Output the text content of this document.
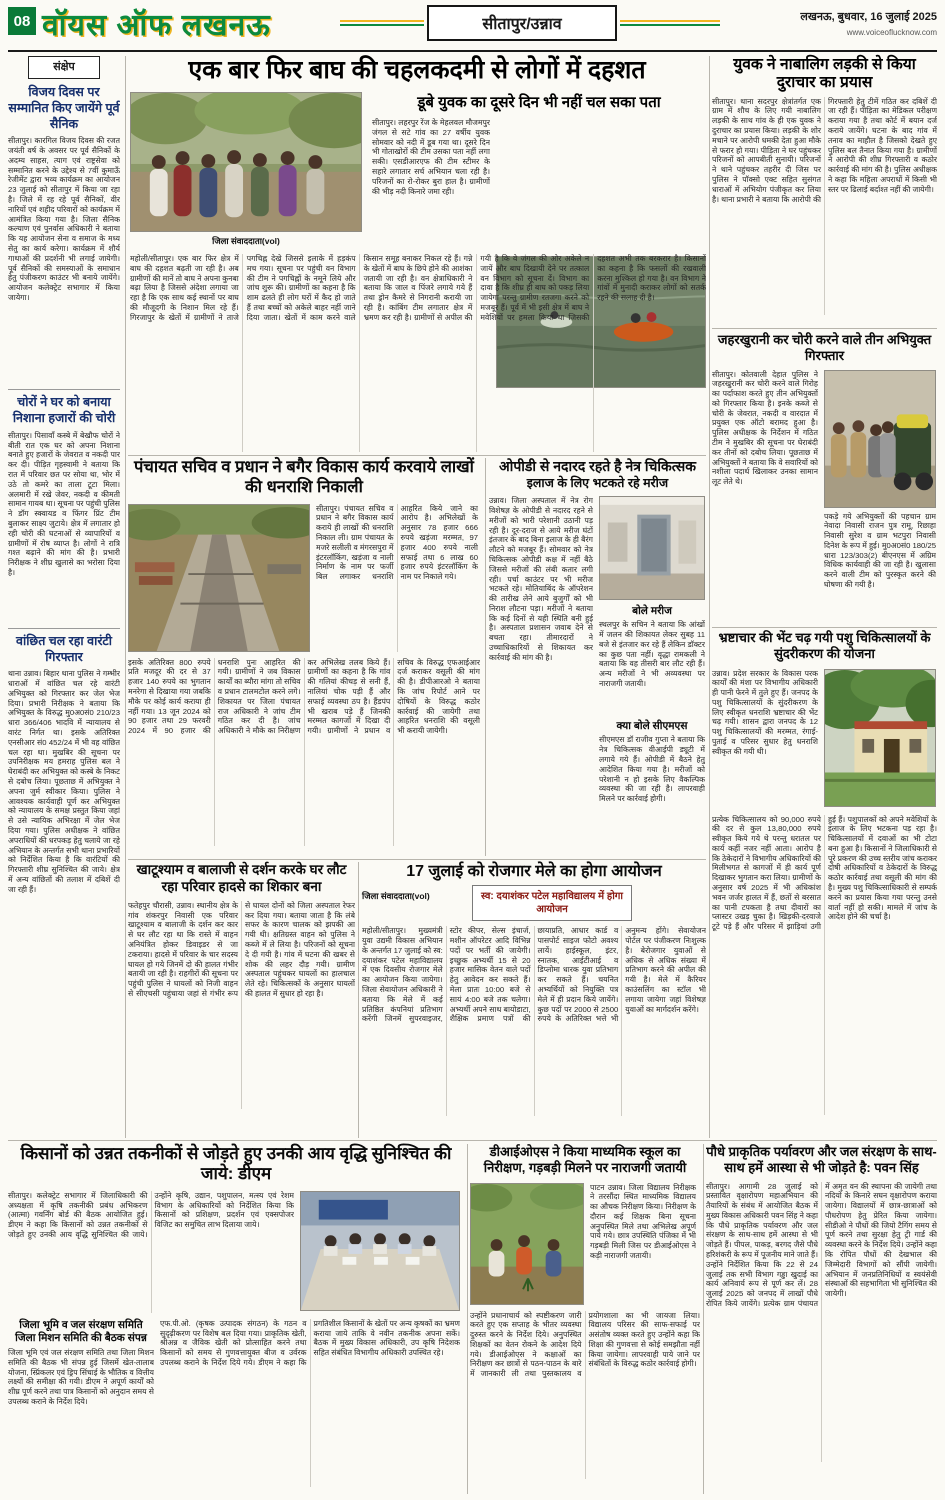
08 वॉयस ऑफ लखनऊ	सीतापुर/उन्नाव	लखनऊ, बुधवार, 16 जुलाई 2025
www.voiceoflucknow.com
संक्षेप
विजय दिवस पर सम्मानित किए जायेंगे पूर्व सैनिक
सीतापुर। कारगिल विजय दिवस की रजत जयंती वर्ष के अवसर पर पूर्व सैनिकों के अदम्य साहस, त्याग एवं राष्ट्रसेवा को सम्मानित करने के उद्देश्य से 7वीं कुमाऊँ रेजीमेंट द्वारा भव्य कार्यक्रम का आयोजन 23 जुलाई को सीतापुर में किया जा रहा है। जिले में रह रहे पूर्व सैनिकों, वीर नारियों एवं शहीद परिवारों को कार्यक्रम में आमंत्रित किया गया है। जिला सैनिक कल्याण एवं पुनर्वास अधिकारी ने बताया कि यह आयोजन सेना व समाज के मध्य सेतु का कार्य करेगा। कार्यक्रम में शौर्य गाथाओं की प्रदर्शनी भी लगाई जायेगी। पूर्व सैनिकों की समस्याओं के समाधान हेतु पंजीकरण काउंटर भी बनाये जायेंगे। आयोजन कलेक्ट्रेट सभागार में किया जायेगा।
चोरों ने घर को बनाया निशाना हजारों की चोरी
सीतापुर। पिसावाँ कस्बे में बेखौफ चोरों ने बीती रात एक घर को अपना निशाना बनाते हुए हजारों के जेवरात व नकदी पार कर दी। पीड़ित गृहस्वामी ने बताया कि रात में परिवार छत पर सोया था, भोर में उठे तो कमरे का ताला टूटा मिला। अलमारी में रखे जेवर, नकदी व कीमती सामान गायब था। सूचना पर पहुंची पुलिस ने डॉग स्क्वायड व फिंगर प्रिंट टीम बुलाकर साक्ष्य जुटाये। क्षेत्र में लगातार हो रही चोरी की घटनाओं से व्यापारियों व ग्रामीणों में रोष व्याप्त है। लोगों ने रात्रि गश्त बढ़ाने की मांग की है। प्रभारी निरीक्षक ने शीघ्र खुलासे का भरोसा दिया है।
वांछित चल रहा वारंटी गिरफ्तार
थाना उन्नाव। बिहार थाना पुलिस ने गम्भीर धाराओं में वांछित चल रहे वारंटी अभियुक्त को गिरफ्तार कर जेल भेज दिया। प्रभारी निरीक्षक ने बताया कि अभियुक्त के विरुद्ध मु0अ0सं0 210/23 धारा 366/406 भादवि में न्यायालय से वारंट निर्गत था। इसके अतिरिक्त एनसीआर सं0 452/24 में भी वह वांछित चल रहा था। मुखबिर की सूचना पर उपनिरीक्षक मय हमराह पुलिस बल ने घेराबंदी कर अभियुक्त को कस्बे के निकट से दबोच लिया। पूछताछ में अभियुक्त ने अपना जुर्म स्वीकार किया। पुलिस ने आवश्यक कार्यवाही पूर्ण कर अभियुक्त को न्यायालय के समक्ष प्रस्तुत किया जहां से उसे न्यायिक अभिरक्षा में जेल भेज दिया गया। पुलिस अधीक्षक ने वांछित अपराधियों की धरपकड़ हेतु चलाये जा रहे अभियान के अन्तर्गत सभी थाना प्रभारियों को निर्देशित किया है कि वारंटियों की गिरफ्तारी शीघ्र सुनिश्चित की जाये। क्षेत्र में अन्य वांछितों की तलाश में दबिशें दी जा रही हैं।
एक बार फिर बाघ की चहलकदमी से लोगों में दहशत
जिला संवाददाता(vol)
डूबे युवक का दूसरे दिन भी नहीं चल सका पता
सीतापुर। लहरपुर रेंज के मेहलवल मौजमपुर जंगल से सटे गांव का 27 वर्षीय युवक सोमवार को नदी में डूब गया था। दूसरे दिन भी गोताखोरों की टीम उसका पता नहीं लगा सकी। एसडीआरएफ की टीम स्टीमर के सहारे लगातार सर्च अभियान चला रही है। परिजनों का रो-रोकर बुरा हाल है। ग्रामीणों की भीड़ नदी किनारे जमा रही।
महोली/सीतापुर। एक बार फिर क्षेत्र में बाघ की दहशत बढ़ती जा रही है। अब ग्रामीणों की मानें तो बाघ ने अपना कुनबा बढ़ा लिया है जिससे अंदेशा लगाया जा रहा है कि एक साथ कई स्थानों पर बाघ की मौजूदगी के निशान मिल रहे हैं। गिरजापुर के खेतों में ग्रामीणों ने ताजे पगचिह्न देखे जिससे इलाके में हड़कंप मच गया। सूचना पर पहुंची वन विभाग की टीम ने पगचिह्नों के नमूने लिये और जांच शुरू की। ग्रामीणों का कहना है कि शाम ढलते ही लोग घरों में कैद हो जाते हैं तथा बच्चों को अकेले बाहर नहीं जाने दिया जाता। खेतों में काम करने वाले किसान समूह बनाकर निकल रहे हैं। गन्ने के खेतों में बाघ के छिपे होने की आशंका जतायी जा रही है। वन क्षेत्राधिकारी ने बताया कि जाल व पिंजरे लगाये गये हैं तथा ड्रोन कैमरे से निगरानी करायी जा रही है। कांबिंग टीम लगातार क्षेत्र में भ्रमण कर रही है। ग्रामीणों से अपील की गयी है कि वे जंगल की ओर अकेले न जायें और बाघ दिखायी देने पर तत्काल वन विभाग को सूचना दें। विभाग का दावा है कि शीघ्र ही बाघ को पकड़ लिया जायेगा परन्तु ग्रामीण रतजगा करने को मजबूर हैं। पूर्व में भी इसी क्षेत्र में बाघ ने मवेशियों पर हमला किया था जिसकी दहशत अभी तक बरकरार है। किसानों का कहना है कि फसलों की रखवाली करना मुश्किल हो गया है। वन विभाग ने गांवों में मुनादी कराकर लोगों को सतर्क रहने की सलाह दी है।
युवक ने नाबालिग लड़की से किया दुराचार का प्रयास
सीतापुर। थाना सदरपुर क्षेत्रांतर्गत एक ग्राम में शौच के लिए गयी नाबालिग लड़की के साथ गांव के ही एक युवक ने दुराचार का प्रयास किया। लड़की के शोर मचाने पर आरोपी धमकी देता हुआ मौके से फरार हो गया। पीड़िता ने घर पहुंचकर परिजनों को आपबीती सुनायी। परिजनों ने थाने पहुंचकर तहरीर दी जिस पर पुलिस ने पॉक्सो एक्ट सहित सुसंगत धाराओं में अभियोग पंजीकृत कर लिया है। थाना प्रभारी ने बताया कि आरोपी की गिरफ्तारी हेतु टीमें गठित कर दबिशें दी जा रही हैं। पीड़िता का मेडिकल परीक्षण कराया गया है तथा कोर्ट में बयान दर्ज कराये जायेंगे। घटना के बाद गांव में तनाव का माहौल है जिसको देखते हुए पुलिस बल तैनात किया गया है। ग्रामीणों ने आरोपी की शीघ्र गिरफ्तारी व कठोर कार्रवाई की मांग की है। पुलिस अधीक्षक ने कहा कि महिला अपराधों में किसी भी स्तर पर ढिलाई बर्दाश्त नहीं की जायेगी।
जहरखुरानी कर चोरी करने वाले तीन अभियुक्त गिरफ्तार
सीतापुर। कोतवाली देहात पुलिस ने जहरखुरानी कर चोरी करने वाले गिरोह का पर्दाफाश करते हुए तीन अभियुक्तों को गिरफ्तार किया है। इनके कब्जे से चोरी के जेवरात, नकदी व वारदात में प्रयुक्त एक ऑटो बरामद हुआ है। पुलिस अधीक्षक के निर्देशन में गठित टीम ने मुखबिर की सूचना पर घेराबंदी कर तीनों को दबोच लिया। पूछताछ में अभियुक्तों ने बताया कि वे सवारियों को नशीला पदार्थ खिलाकर उनका सामान लूट लेते थे।
पकड़े गये अभियुक्तों की पहचान ग्राम नेवादा निवासी राजन पुत्र रामू, रिछाहा निवासी सुरेश व ग्राम भटपुरा निवासी दिनेश के रूप में हुई। मु0अ0सं0 180/25 धारा 123/303(2) बीएनएस में अग्रिम विधिक कार्यवाही की जा रही है। खुलासा करने वाली टीम को पुरस्कृत करने की घोषणा की गयी है।
भ्रष्टाचार की भेंट चढ़ गयी पशु चिकित्सालयों के सुंदरीकरण की योजना
उन्नाव। प्रदेश सरकार के विकास परक कार्यों की मंशा पर विभागीय अधिकारी ही पानी फेरने में तुले हुए हैं। जनपद के पशु चिकित्सालयों के सुंदरीकरण के लिए स्वीकृत धनराशि भ्रष्टाचार की भेंट चढ़ गयी। शासन द्वारा जनपद के 12 पशु चिकित्सालयों की मरम्मत, रंगाई-पुताई व परिसर सुधार हेतु धनराशि स्वीकृत की गयी थी।
प्रत्येक चिकित्सालय को 90,000 रुपये की दर से कुल 13,80,000 रुपये स्वीकृत किये गये थे परन्तु धरातल पर कार्य कहीं नजर नहीं आता। आरोप है कि ठेकेदारों ने विभागीय अधिकारियों की मिलीभगत से कागजों में ही कार्य पूर्ण दिखाकर भुगतान करा लिया। ग्रामीणों के अनुसार वर्ष 2025 में भी अधिकांश भवन जर्जर हालत में हैं, छतों से बरसात का पानी टपकता है तथा दीवारों का प्लास्टर उखड़ चुका है। खिड़की-दरवाजे टूटे पड़े हैं और परिसर में झाड़ियां उगी हुई हैं। पशुपालकों को अपने मवेशियों के इलाज के लिए भटकना पड़ रहा है। चिकित्सालयों में दवाओं का भी टोटा बना हुआ है। किसानों ने जिलाधिकारी से पूरे प्रकरण की उच्च स्तरीय जांच कराकर दोषी अधिकारियों व ठेकेदारों के विरुद्ध कठोर कार्रवाई तथा वसूली की मांग की है। मुख्य पशु चिकित्साधिकारी से सम्पर्क करने का प्रयास किया गया परन्तु उनसे वार्ता नहीं हो सकी। मामले में जांच के आदेश होने की चर्चा है।
पंचायत सचिव व प्रधान ने बगैर विकास कार्य करवाये लाखों की धनराशि निकाली
सीतापुर। पंचायत सचिव व प्रधान ने बगैर विकास कार्य कराये ही लाखों की धनराशि निकाल ली। ग्राम पंचायत के मजरे सलीली व मंगरसपुरा में इंटरलॉकिंग, खड़ंजा व नाली निर्माण के नाम पर फर्जी बिल लगाकर धनराशि आहरित किये जाने का आरोप है। अभिलेखों के अनुसार 78 हजार 666 रुपये खड़ंजा मरम्मत, 97 हजार 400 रुपये नाली सफाई तथा 6 लाख 60 हजार रुपये इंटरलॉकिंग के नाम पर निकाले गये।
इसके अतिरिक्त 800 रुपये प्रति मजदूर की दर से 37 हजार 140 रुपये का भुगतान मनरेगा से दिखाया गया जबकि मौके पर कोई कार्य कराया ही नहीं गया। 13 जून 2024 को 90 हजार तथा 29 फरवरी 2024 में 90 हजार की धनराशि पुनः आहरित की गयी। ग्रामीणों ने जब विकास कार्यों का ब्यौरा मांगा तो सचिव व प्रधान टालमटोल करने लगे। शिकायत पर जिला पंचायत राज अधिकारी ने जांच टीम गठित कर दी है। जांच अधिकारी ने मौके का निरीक्षण कर अभिलेख तलब किये हैं। ग्रामीणों का कहना है कि गांव की गलियां कीचड़ से सनी हैं, नालियां चोक पड़ी हैं और सफाई व्यवस्था ठप है। हैंडपंप भी खराब पड़े हैं जिनकी मरम्मत कागजों में दिखा दी गयी। ग्रामीणों ने प्रधान व सचिव के विरुद्ध एफआईआर दर्ज कराकर वसूली की मांग की है। डीपीआरओ ने बताया कि जांच रिपोर्ट आने पर दोषियों के विरुद्ध कठोर कार्रवाई की जायेगी तथा आहरित धनराशि की वसूली भी करायी जायेगी।
ओपीडी से नदारद रहते है नेत्र चिकित्सक
इलाज के लिए भटकते रहे मरीज
उन्नाव। जिला अस्पताल में नेत्र रोग विशेषज्ञ के ओपीडी से नदारद रहने से मरीजों को भारी परेशानी उठानी पड़ रही है। दूर-दराज से आये मरीज घंटों इंतजार के बाद बिना इलाज के ही बैरंग लौटने को मजबूर हैं। सोमवार को नेत्र चिकित्सक ओपीडी कक्ष में नहीं बैठे जिससे मरीजों की लंबी कतार लगी रही। पर्चा काउंटर पर भी मरीज भटकते रहे। मोतियाबिंद के ऑपरेशन की तारीख लेने आये बुजुर्गों को भी निराश लौटना पड़ा। मरीजों ने बताया कि कई दिनों से यही स्थिति बनी हुई है। अस्पताल प्रशासन जवाब देने से बचता रहा। तीमारदारों ने उच्चाधिकारियों से शिकायत कर कार्रवाई की मांग की है।
बोले मरीज
स्थलपुर के सचिन ने बताया कि आंखों में जलन की शिकायत लेकर सुबह 11 बजे से इंतजार कर रहे हैं लेकिन डॉक्टर का कुछ पता नहीं। वृद्धा रामकली ने बताया कि वह तीसरी बार लौट रही हैं। अन्य मरीजों ने भी अव्यवस्था पर नाराजगी जतायी।
क्या बोले सीएमएस
सीएमएस डॉ राजीव गुप्ता ने बताया कि नेत्र चिकित्सक वीआईपी ड्यूटी में लगाये गये हैं। ओपीडी में बैठने हेतु आदेशित किया गया है। मरीजों को परेशानी न हो इसके लिए वैकल्पिक व्यवस्था की जा रही है। लापरवाही मिलने पर कार्रवाई होगी।
खाटूश्याम व बालाजी से दर्शन करके घर लौट रहा परिवार हादसे का शिकार बना
फतेहपुर चौरासी, उन्नाव। स्थानीय क्षेत्र के गांव शंकरपुर निवासी एक परिवार खाटूश्याम व बालाजी के दर्शन कर कार से घर लौट रहा था कि रास्ते में वाहन अनियंत्रित होकर डिवाइडर से जा टकराया। हादसे में परिवार के चार सदस्य घायल हो गये जिनमें दो की हालत गंभीर बतायी जा रही है। राहगीरों की सूचना पर पहुंची पुलिस ने घायलों को निजी वाहन से सीएचसी पहुंचाया जहां से गंभीर रूप से घायल दोनों को जिला अस्पताल रेफर कर दिया गया। बताया जाता है कि लंबे सफर के कारण चालक को झपकी आ गयी थी। क्षतिग्रस्त वाहन को पुलिस ने कब्जे में ले लिया है। परिजनों को सूचना दे दी गयी है। गांव में घटना की खबर से शोक की लहर दौड़ गयी। ग्रामीण अस्पताल पहुंचकर घायलों का हालचाल लेते रहे। चिकित्सकों के अनुसार घायलों की हालत में सुधार हो रहा है।
17 जुलाई को रोजगार मेले का होगा आयोजन
जिला संवाददाता(vol)	स्व: दयाशंकर पटेल महाविद्यालय में होगा आयोजन
महोली/सीतापुर। मुख्यमंत्री युवा उद्यमी विकास अभियान के अन्तर्गत 17 जुलाई को स्व: दयाशंकर पटेल महाविद्यालय में एक दिवसीय रोजगार मेले का आयोजन किया जायेगा। जिला सेवायोजन अधिकारी ने बताया कि मेले में कई प्रतिष्ठित कंपनियां प्रतिभाग करेंगी जिनमें सुपरवाइजर, स्टोर कीपर, सेल्स इंचार्ज, मशीन ऑपरेटर आदि विभिन्न पदों पर भर्ती की जायेगी। इच्छुक अभ्यर्थी 15 से 20 हजार मासिक वेतन वाले पदों हेतु आवेदन कर सकते हैं। मेला प्रातः 10:00 बजे से सायं 4:00 बजे तक चलेगा। अभ्यर्थी अपने साथ बायोडाटा, शैक्षिक प्रमाण पत्रों की छायाप्रति, आधार कार्ड व पासपोर्ट साइज फोटो अवश्य लायें। हाईस्कूल, इंटर, स्नातक, आईटीआई व डिप्लोमा धारक युवा प्रतिभाग कर सकते हैं। चयनित अभ्यर्थियों को नियुक्ति पत्र मेले में ही प्रदान किये जायेंगे। कुछ पदों पर 2000 से 2500 रुपये के अतिरिक्त भत्ते भी अनुमन्य होंगे। सेवायोजन पोर्टल पर पंजीकरण निःशुल्क है। बेरोजगार युवाओं से अधिक से अधिक संख्या में प्रतिभाग करने की अपील की गयी है। मेले में कैरियर काउंसलिंग का स्टॉल भी लगाया जायेगा जहां विशेषज्ञ युवाओं का मार्गदर्शन करेंगे।
किसानों को उन्नत तकनीकों से जोड़ते हुए उनकी आय वृद्धि सुनिश्चित की जाये: डीएम
सीतापुर। कलेक्ट्रेट सभागार में जिलाधिकारी की अध्यक्षता में कृषि तकनीकी प्रबंध अभिकरण (आत्मा) गवर्निंग बोर्ड की बैठक आयोजित हुई। डीएम ने कहा कि किसानों को उन्नत तकनीकों से जोड़ते हुए उनकी आय वृद्धि सुनिश्चित की जाये। उन्होंने कृषि, उद्यान, पशुपालन, मत्स्य एवं रेशम विभाग के अधिकारियों को निर्देशित किया कि किसानों को प्रशिक्षण, प्रदर्शन एवं एक्सपोजर विजिट का समुचित लाभ दिलाया जाये।
जिला भूमि व जल संरक्षण समिति जिला मिशन समिति की बैठक संपन्न
जिला भूमि एवं जल संरक्षण समिति तथा जिला मिशन समिति की बैठक भी संपन्न हुई जिसमें खेत-तालाब योजना, स्प्रिंकलर एवं ड्रिप सिंचाई के भौतिक व वित्तीय लक्ष्यों की समीक्षा की गयी। डीएम ने अपूर्ण कार्यों को शीघ्र पूर्ण करने तथा पात्र किसानों को अनुदान समय से उपलब्ध कराने के निर्देश दिये।
एफ.पी.ओ. (कृषक उत्पादक संगठन) के गठन व सुदृढ़ीकरण पर विशेष बल दिया गया। प्राकृतिक खेती, श्रीअन्न व जैविक खेती को प्रोत्साहित करने तथा किसानों को समय से गुणवत्तायुक्त बीज व उर्वरक उपलब्ध कराने के निर्देश दिये गये। डीएम ने कहा कि प्रगतिशील किसानों के खेतों पर अन्य कृषकों का भ्रमण कराया जाये ताकि वे नवीन तकनीक अपना सकें। बैठक में मुख्य विकास अधिकारी, उप कृषि निदेशक सहित संबंधित विभागीय अधिकारी उपस्थित रहे।
डीआईओएस ने किया माध्यमिक स्कूल का निरीक्षण, गड़बड़ी मिलने पर नाराजगी जतायी
पाटन उन्नाव। जिला विद्यालय निरीक्षक ने तरसौंदा स्थित माध्यमिक विद्यालय का औचक निरीक्षण किया। निरीक्षण के दौरान कई शिक्षक बिना सूचना अनुपस्थित मिले तथा अभिलेख अपूर्ण पाये गये। छात्र उपस्थिति पंजिका में भी गड़बड़ी मिली जिस पर डीआईओएस ने कड़ी नाराजगी जतायी।
उन्होंने प्रधानाचार्य को स्पष्टीकरण जारी करते हुए एक सप्ताह के भीतर व्यवस्था दुरुस्त करने के निर्देश दिये। अनुपस्थित शिक्षकों का वेतन रोकने के आदेश दिये गये। डीआईओएस ने कक्षाओं का निरीक्षण कर छात्रों से पठन-पाठन के बारे में जानकारी ली तथा पुस्तकालय व प्रयोगशाला का भी जायजा लिया। विद्यालय परिसर की साफ-सफाई पर असंतोष व्यक्त करते हुए उन्होंने कहा कि शिक्षा की गुणवत्ता से कोई समझौता नहीं किया जायेगा। लापरवाही पाये जाने पर संबंधितों के विरुद्ध कठोर कार्रवाई होगी।
पौधे प्राकृतिक पर्यावरण और जल संरक्षण के साथ-साथ हमें आस्था से भी जोड़ते है: पवन सिंह
सीतापुर। आगामी 28 जुलाई को प्रस्तावित वृक्षारोपण महाअभियान की तैयारियों के संबंध में आयोजित बैठक में मुख्य विकास अधिकारी पवन सिंह ने कहा कि पौधे प्राकृतिक पर्यावरण और जल संरक्षण के साथ-साथ हमें आस्था से भी जोड़ते हैं। पीपल, पाकड़, बरगद जैसे पौधे हरिशंकरी के रूप में पूजनीय माने जाते हैं। उन्होंने निर्देशित किया कि 22 से 24 जुलाई तक सभी विभाग गड्ढा खुदाई का कार्य अनिवार्य रूप से पूर्ण कर लें। 28 जुलाई 2025 को जनपद में लाखों पौधे रोपित किये जायेंगे। प्रत्येक ग्राम पंचायत में अमृत वन की स्थापना की जायेगी तथा नदियों के किनारे सघन वृक्षारोपण कराया जायेगा। विद्यालयों में छात्र-छात्राओं को पौधरोपण हेतु प्रेरित किया जायेगा। सीडीओ ने पौधों की जियो टैगिंग समय से पूर्ण करने तथा सुरक्षा हेतु ट्री गार्ड की व्यवस्था करने के निर्देश दिये। उन्होंने कहा कि रोपित पौधों की देखभाल की जिम्मेदारी विभागों को सौंपी जायेगी। अभियान में जनप्रतिनिधियों व स्वयंसेवी संस्थाओं की सहभागिता भी सुनिश्चित की जायेगी।
